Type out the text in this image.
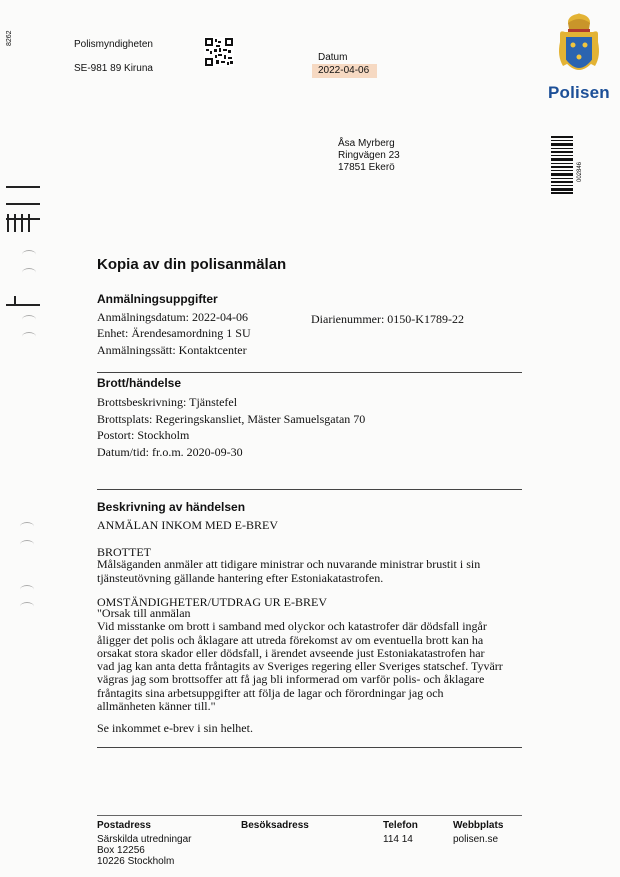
8262	Polismyndigheten
SE-981 89 Kiruna
Datum
2022-04-06
Polisen
002846
Åsa Myrberg
Ringvägen 23
17851 Ekerö
Kopia av din polisanmälan
Anmälningsuppgifter
Anmälningsdatum: 2022-04-06
Enhet: Ärendesamordning 1 SU
Anmälningssätt: Kontaktcenter
Diarienummer: 0150-K1789-22
Brott/händelse
Brottsbeskrivning: Tjänstefel
Brottsplats: Regeringskansliet, Mäster Samuelsgatan 70
Postort: Stockholm
Datum/tid: fr.o.m. 2020-09-30
Beskrivning av händelsen
ANMÄLAN INKOM MED E-BREV
BROTTET
Målsäganden anmäler att tidigare ministrar och nuvarande ministrar brustit i sin
tjänsteutövning gällande hantering efter Estoniakatastrofen.
OMSTÄNDIGHETER/UTDRAG UR E-BREV
"Orsak till anmälan
Vid misstanke om brott i samband med olyckor och katastrofer där dödsfall ingår
åligger det polis och åklagare att utreda förekomst av om eventuella brott kan ha
orsakat stora skador eller dödsfall, i ärendet avseende just Estoniakatastrofen har
vad jag kan anta detta fråntagits av Sveriges regering eller Sveriges statschef. Tyvärr
vägras jag som brottsoffer att få jag bli informerad om varför polis- och åklagare
fråntagits sina arbetsuppgifter att följa de lagar och förordningar jag och
allmänheten känner till."
Se inkommet e-brev i sin helhet.
Postadress
Särskilda utredningar
Box 12256
10226 Stockholm
Besöksadress	Telefon
114 14
Webbplats
polisen.se
